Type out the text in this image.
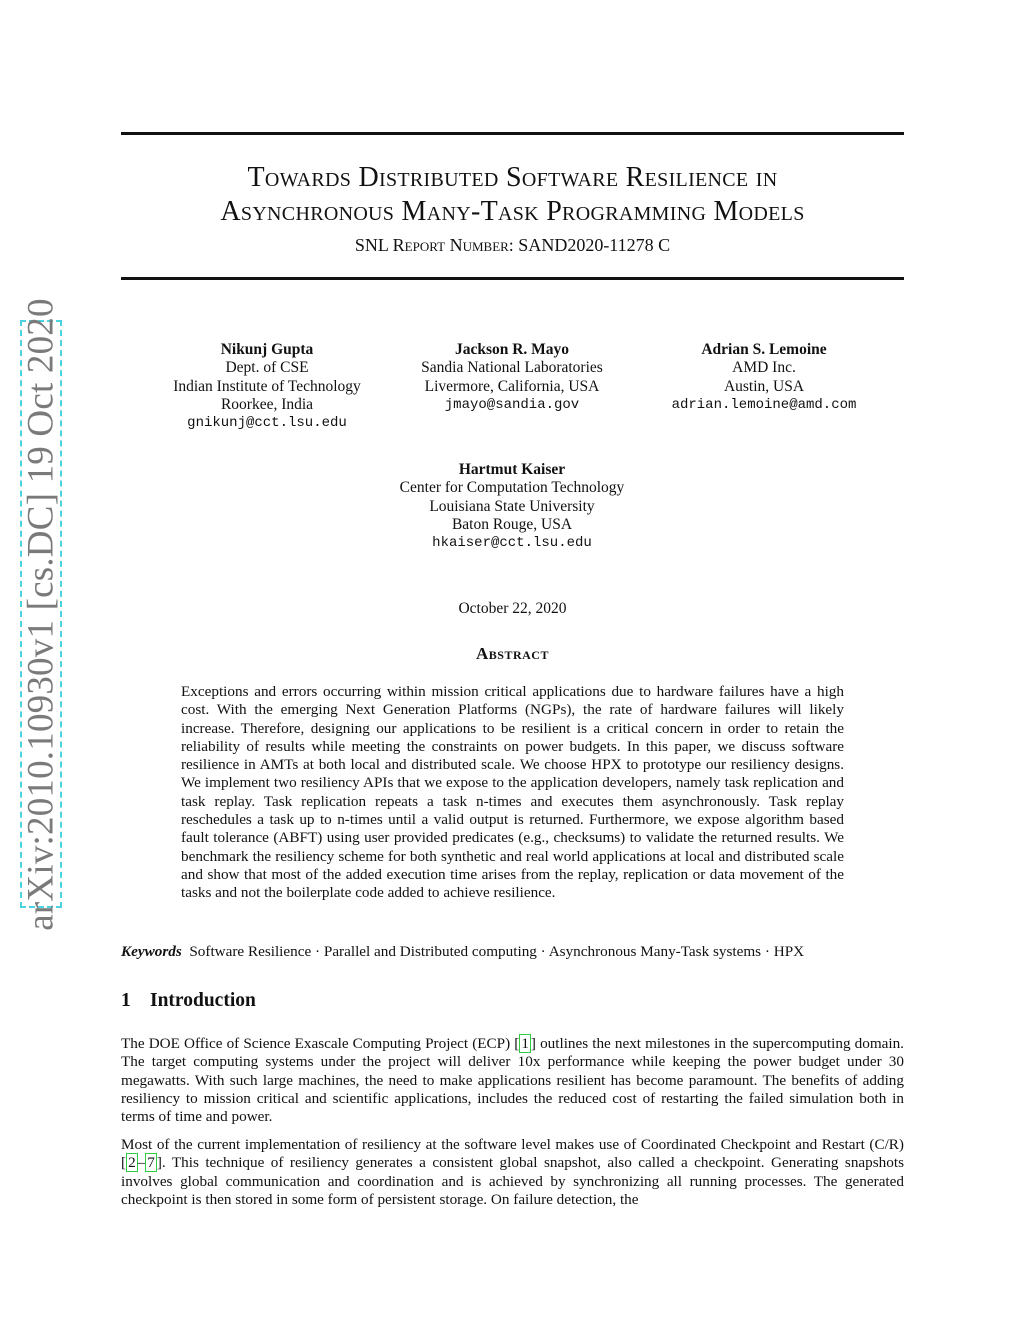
Towards Distributed Software Resilience in
Asynchronous Many-Task Programming Models
SNL Report Number: SAND2020-11278 C
arXiv:2010.10930v1 [cs.DC] 19 Oct 2020	Nikunj Gupta
Dept. of CSE
Indian Institute of Technology
Roorkee, India
gnikunj@cct.lsu.edu
Jackson R. Mayo
Sandia National Laboratories
Livermore, California, USA
jmayo@sandia.gov
Adrian S. Lemoine
AMD Inc.
Austin, USA
adrian.lemoine@amd.com
Hartmut Kaiser
Center for Computation Technology
Louisiana State University
Baton Rouge, USA
hkaiser@cct.lsu.edu
October 22, 2020
Abstract

Exceptions and errors occurring within mission critical applications due to hardware failures have a high cost. With the emerging Next Generation Platforms (NGPs), the rate of hardware failures will likely increase. Therefore, designing our applications to be resilient is a critical concern in order to retain the reliability of results while meeting the constraints on power budgets. In this paper, we discuss software resilience in AMTs at both local and distributed scale. We choose HPX to prototype our resiliency designs. We implement two resiliency APIs that we expose to the application developers, namely task replication and task replay. Task replication repeats a task n-times and executes them asynchronously. Task replay reschedules a task up to n-times until a valid output is returned. Furthermore, we expose algorithm based fault tolerance (ABFT) using user provided predicates (e.g., checksums) to validate the returned results. We benchmark the resiliency scheme for both synthetic and real world applications at local and distributed scale and show that most of the added execution time arises from the replay, replication or data movement of the tasks and not the boilerplate code added to achieve resilience.

Keywords Software Resilience · Parallel and Distributed computing · Asynchronous Many-Task systems · HPX
1 Introduction

The DOE Office of Science Exascale Computing Project (ECP) [ 1 ] outlines the next milestones in the supercomputing domain. The target computing systems under the project will deliver 10x performance while keeping the power budget under 30 megawatts. With such large machines, the need to make applications resilient has become paramount. The benefits of adding resiliency to mission critical and scientific applications, includes the reduced cost of restarting the failed simulation both in terms of time and power.

Most of the current implementation of resiliency at the software level makes use of Coordinated Checkpoint and Restart (C/R) [ 2 – 7 ]. This technique of resiliency generates a consistent global snapshot, also called a checkpoint. Generating snapshots involves global communication and coordination and is achieved by synchronizing all running processes. The generated checkpoint is then stored in some form of persistent storage. On failure detection, the
